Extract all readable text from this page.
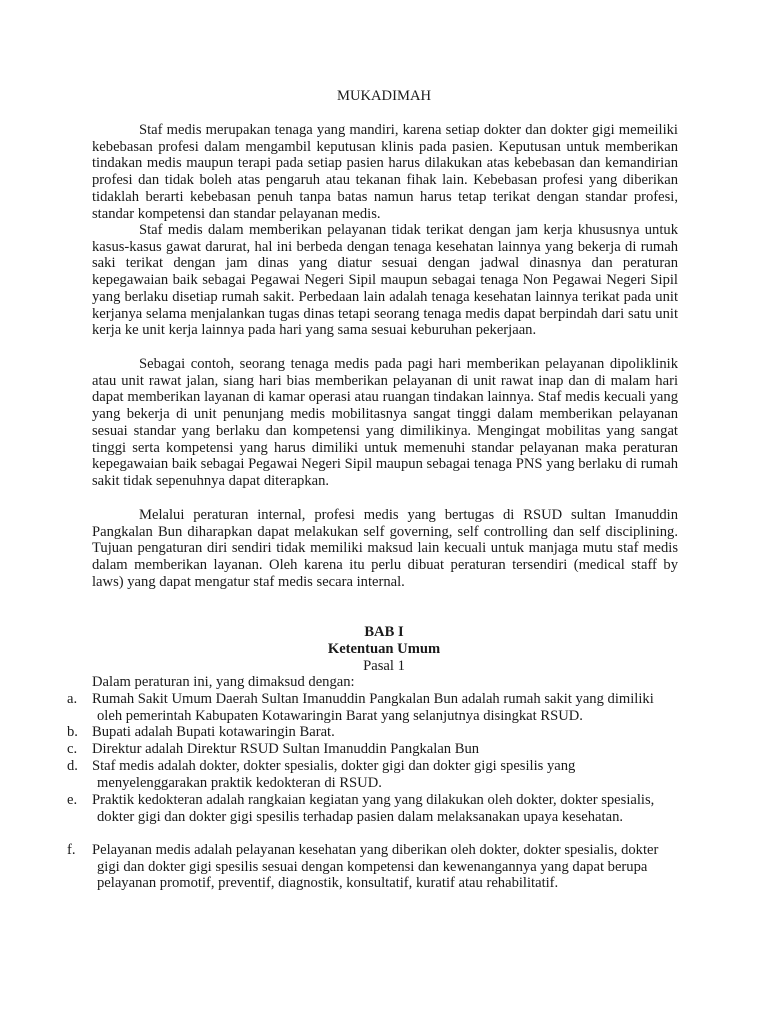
MUKADIMAH

Staf medis merupakan tenaga yang mandiri, karena setiap dokter dan dokter gigi memeiliki kebebasan profesi dalam mengambil keputusan klinis pada pasien. Keputusan untuk memberikan tindakan medis maupun terapi pada setiap pasien harus dilakukan atas kebebasan dan kemandirian profesi dan tidak boleh atas pengaruh atau tekanan fihak lain. Kebebasan profesi yang diberikan tidaklah berarti kebebasan penuh tanpa batas namun harus tetap terikat dengan standar profesi, standar kompetensi dan standar pelayanan medis.

Staf medis dalam memberikan pelayanan tidak terikat dengan jam kerja khususnya untuk kasus-kasus gawat darurat, hal ini berbeda dengan tenaga kesehatan lainnya yang bekerja di rumah saki terikat dengan jam dinas yang diatur sesuai dengan jadwal dinasnya dan peraturan kepegawaian baik sebagai Pegawai Negeri Sipil maupun sebagai tenaga Non Pegawai Negeri Sipil yang berlaku disetiap rumah sakit. Perbedaan lain adalah tenaga kesehatan lainnya terikat pada unit kerjanya selama menjalankan tugas dinas tetapi seorang tenaga medis dapat berpindah dari satu unit kerja ke unit kerja lainnya pada hari yang sama sesuai keburuhan pekerjaan.

Sebagai contoh, seorang tenaga medis pada pagi hari memberikan pelayanan dipoliklinik atau unit rawat jalan, siang hari bias memberikan pelayanan di unit rawat inap dan di malam hari dapat memberikan layanan di kamar operasi atau ruangan tindakan lainnya. Staf medis kecuali yang yang bekerja di unit penunjang medis mobilitasnya sangat tinggi dalam memberikan pelayanan sesuai standar yang berlaku dan kompetensi yang dimilikinya. Mengingat mobilitas yang sangat tinggi serta kompetensi yang harus dimiliki untuk memenuhi standar pelayanan maka peraturan kepegawaian baik sebagai Pegawai Negeri Sipil maupun sebagai tenaga PNS yang berlaku di rumah sakit tidak sepenuhnya dapat diterapkan.

Melalui peraturan internal, profesi medis yang bertugas di RSUD sultan Imanuddin Pangkalan Bun diharapkan dapat melakukan self governing, self controlling dan self disciplining. Tujuan pengaturan diri sendiri tidak memiliki maksud lain kecuali untuk manjaga mutu staf medis dalam memberikan layanan. Oleh karena itu perlu dibuat peraturan tersendiri (medical staff by laws) yang dapat mengatur staf medis secara internal.

BAB I
Ketentuan Umum
Pasal 1

Dalam peraturan ini, yang dimaksud dengan:

a. Rumah Sakit Umum Daerah Sultan Imanuddin Pangkalan Bun adalah rumah sakit yang dimiliki oleh pemerintah Kabupaten Kotawaringin Barat yang selanjutnya disingkat RSUD.
b. Bupati adalah Bupati kotawaringin Barat.
c. Direktur adalah Direktur RSUD Sultan Imanuddin Pangkalan Bun
d. Staf medis adalah dokter, dokter spesialis, dokter gigi dan dokter gigi spesilis yang menyelenggarakan praktik kedokteran di RSUD.
e. Praktik kedokteran adalah rangkaian kegiatan yang yang dilakukan oleh dokter, dokter spesialis, dokter gigi dan dokter gigi spesilis terhadap pasien dalam melaksanakan upaya kesehatan.
f. Pelayanan medis adalah pelayanan kesehatan yang diberikan oleh dokter, dokter spesialis, dokter gigi dan dokter gigi spesilis sesuai dengan kompetensi dan kewenangannya yang dapat berupa pelayanan promotif, preventif, diagnostik, konsultatif, kuratif atau rehabilitatif.
